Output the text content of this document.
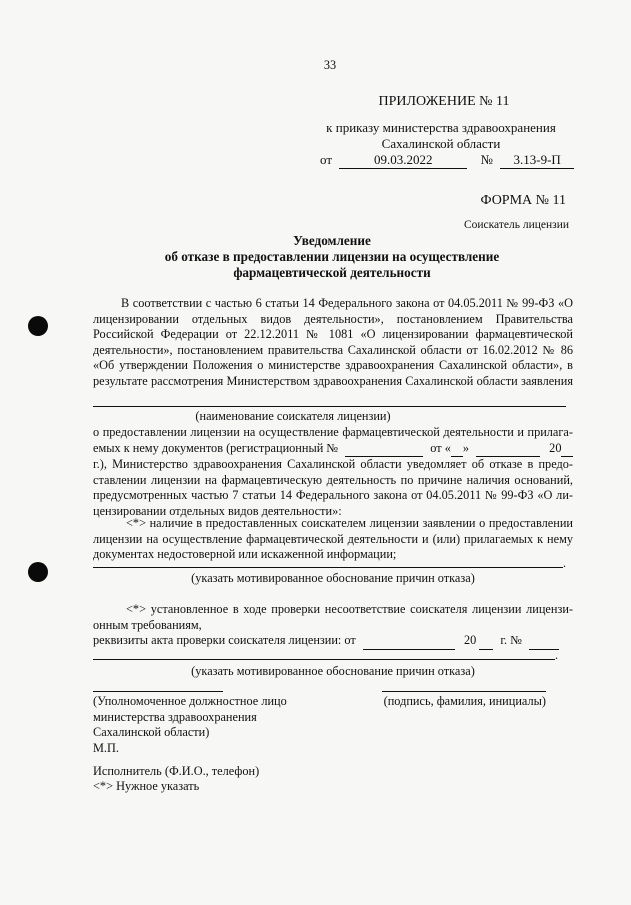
33
ПРИЛОЖЕНИЕ № 11
к приказу министерства здравоохранения
Сахалинской области
от	09.03.2022	№ 3.13-9-П
ФОРМА № 11
Соискатель лицензии
Уведомление
об отказе в предоставлении лицензии на осуществление
фармацевтической деятельности
В соответствии с частью 6 статьи 14 Федерального закона от 04.05.2011 № 99-ФЗ «О
лицензировании отдельных видов деятельности», постановлением Правительства
Российской Федерации от 22.12.2011 № 1081 «О лицензировании фармацевтической
деятельности», постановлением правительства Сахалинской области от 16.02.2012 № 86
«Об утверждении Положения о министерстве здравоохранения Сахалинской области», в
результате рассмотрения Министерством здравоохранения Сахалинской области заявления
(наименование соискателя лицензии)
о предоставлении лицензии на осуществление фармацевтической деятельности и прилага-
емых к нему документов (регистрационный №	от « »	20
г.), Министерство здравоохранения Сахалинской области уведомляет об отказе в предо-
ставлении лицензии на фармацевтическую деятельность по причине наличия оснований,
предусмотренных частью 7 статьи 14 Федерального закона от 04.05.2011 № 99-ФЗ «О ли-
цензировании отдельных видов деятельности»:
<*> наличие в предоставленных соискателем лицензии заявлении о предоставлении
лицензии на осуществление фармацевтической деятельности и (или) прилагаемых к нему
документах недостоверной или искаженной информации;
.
(указать мотивированное обоснование причин отказа)
<*> установленное в ходе проверки несоответствие соискателя лицензии лицензи-
онным требованиям,
реквизиты акта проверки соискателя лицензии: от	20 г. №
.
(указать мотивированное обоснование причин отказа)
(Уполномоченное должностное лицо
министерства здравоохранения
Сахалинской области)
М.П.
(подпись, фамилия, инициалы)
Исполнитель (Ф.И.О., телефон)
<*> Нужное указать
